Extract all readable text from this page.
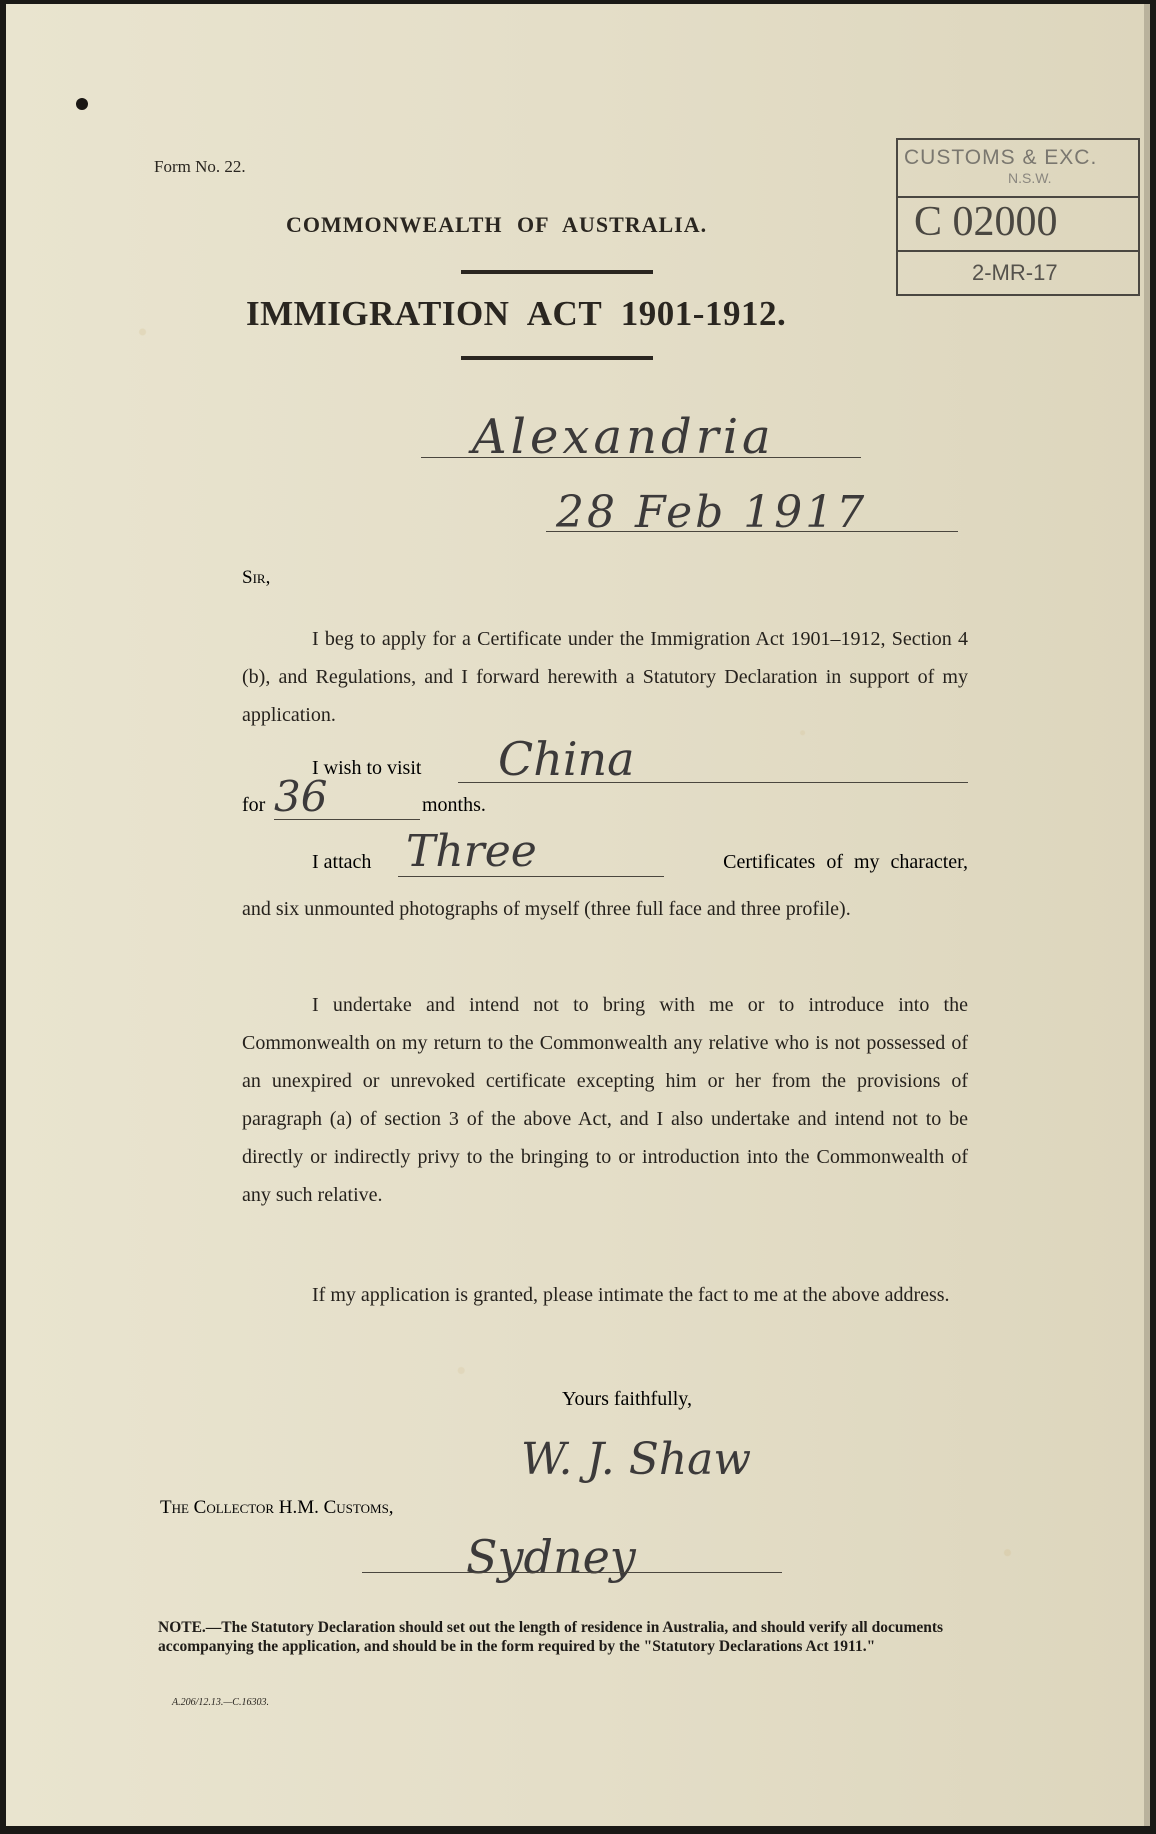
Form No. 22.	CUSTOMS & EXC.
N.S.W.
C 02000
2-MR-17

COMMONWEALTH OF AUSTRALIA.

IMMIGRATION ACT 1901-1912.

Alexandria
28 Feb 1917

Sir,

I beg to apply for a Certificate under the Immigration Act 1901–1912, Section 4 (b), and Regulations, and I forward herewith a Statutory Declaration in support of my application.

I wish to visit China
for 36	months.
I attach Three	Certificates of my character,

and six unmounted photographs of myself (three full face and three profile).

I undertake and intend not to bring with me or to introduce into the Commonwealth on my return to the Commonwealth any relative who is not possessed of an unexpired or unrevoked certificate excepting him or her from the provisions of paragraph (a) of section 3 of the above Act, and I also undertake and intend not to be directly or indirectly privy to the bringing to or introduction into the Commonwealth of any such relative.

If my application is granted, please intimate the fact to me at the above address.

Yours faithfully,

W. J. Shaw

The Collector H.M. Customs,

Sydney

NOTE.—The Statutory Declaration should set out the length of residence in Australia, and should verify all documents accompanying the application, and should be in the form required by the "Statutory Declarations Act 1911."

A.206/12.13.—C.16303.
